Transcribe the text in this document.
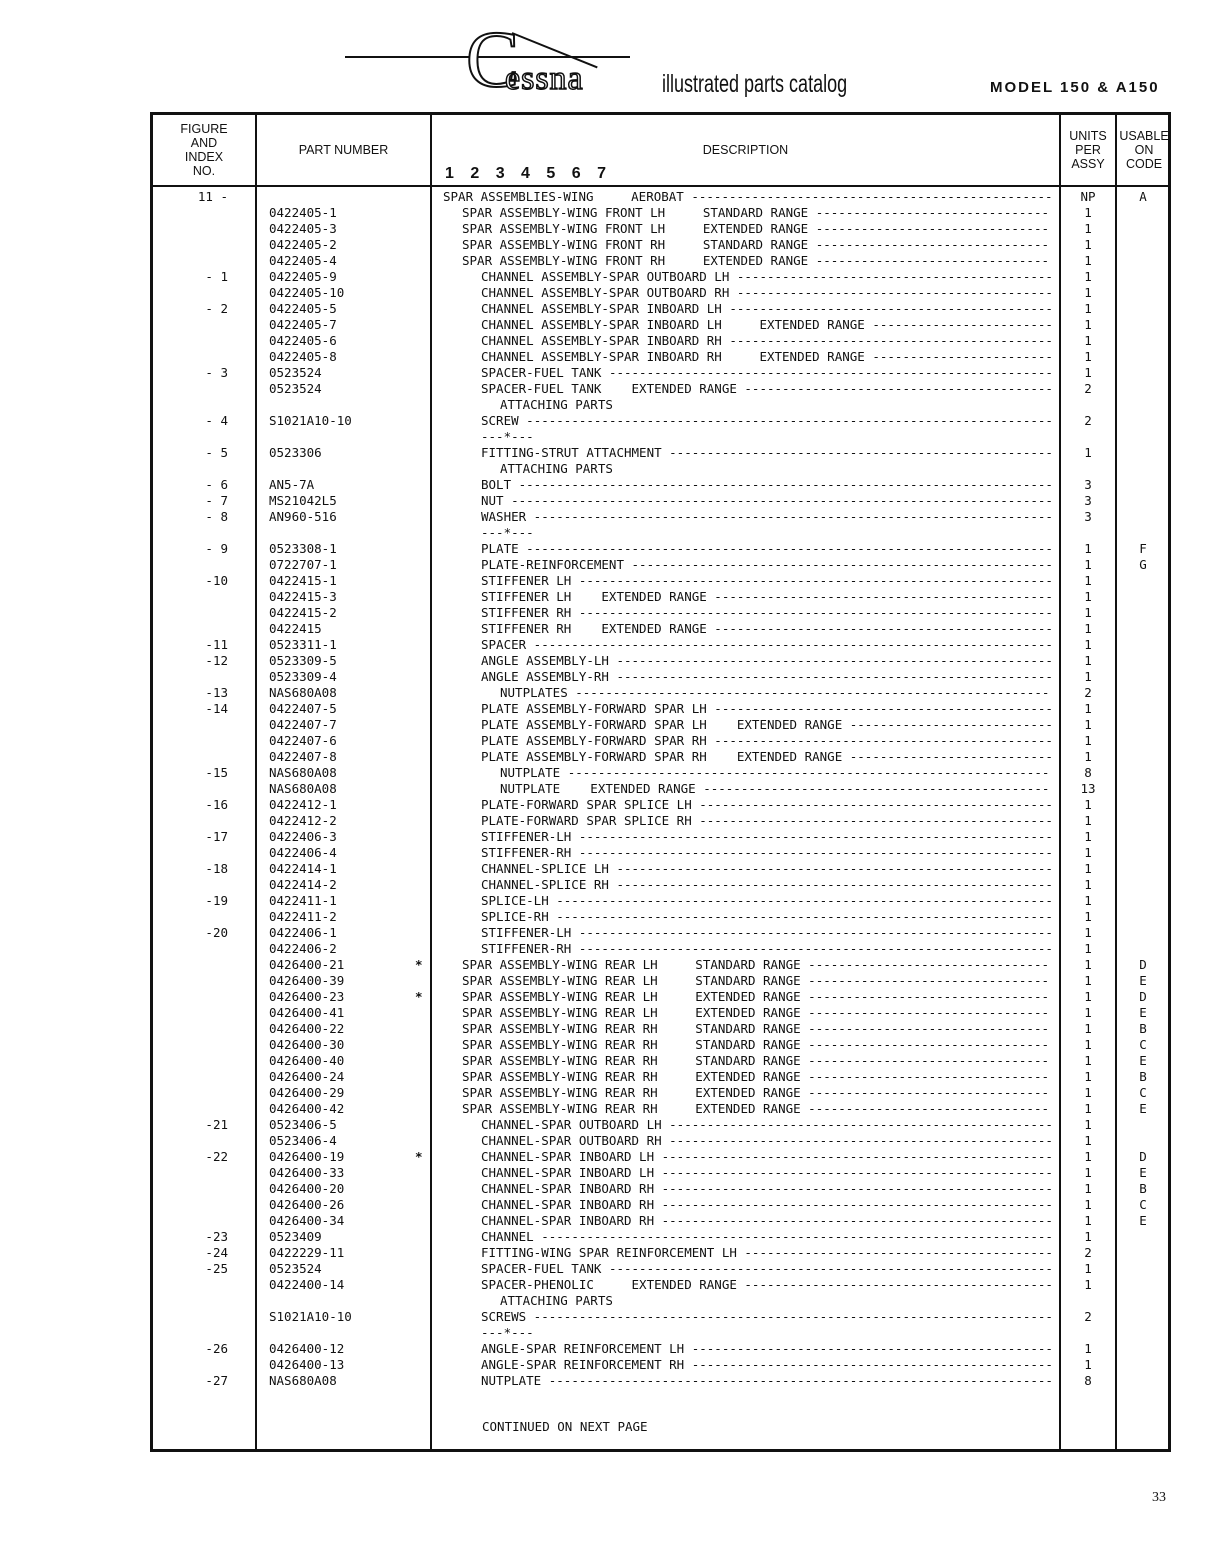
C
essna	illustrated parts catalog	MODEL 150 & A150
FIGURE
AND
INDEX
NO.
PART NUMBER	DESCRIPTION
1 2 3 4 5 6 7
UNITS
PER
ASSY
USABLE
ON
CODE
11 -	SPAR ASSEMBLIES-WING     AEROBAT ------------------------------------------------	NP	A
0422405-1	SPAR ASSEMBLY-WING FRONT LH     STANDARD RANGE -------------------------------	1
0422405-3	SPAR ASSEMBLY-WING FRONT LH     EXTENDED RANGE -------------------------------	1
0422405-2	SPAR ASSEMBLY-WING FRONT RH     STANDARD RANGE -------------------------------	1
0422405-4	SPAR ASSEMBLY-WING FRONT RH     EXTENDED RANGE -------------------------------	1
- 1	0422405-9	CHANNEL ASSEMBLY-SPAR OUTBOARD LH ------------------------------------------	1
0422405-10	CHANNEL ASSEMBLY-SPAR OUTBOARD RH ------------------------------------------	1
- 2	0422405-5	CHANNEL ASSEMBLY-SPAR INBOARD LH -------------------------------------------	1
0422405-7	CHANNEL ASSEMBLY-SPAR INBOARD LH     EXTENDED RANGE ------------------------	1
0422405-6	CHANNEL ASSEMBLY-SPAR INBOARD RH -------------------------------------------	1
0422405-8	CHANNEL ASSEMBLY-SPAR INBOARD RH     EXTENDED RANGE ------------------------	1
- 3	0523524	SPACER-FUEL TANK -----------------------------------------------------------	1
0523524	SPACER-FUEL TANK    EXTENDED RANGE -----------------------------------------	2
ATTACHING PARTS
- 4	S1021A10-10	SCREW ----------------------------------------------------------------------	2
---*---
- 5	0523306	FITTING-STRUT ATTACHMENT ---------------------------------------------------	1
ATTACHING PARTS
- 6	AN5-7A	BOLT -----------------------------------------------------------------------	3
- 7	MS21042L5	NUT ------------------------------------------------------------------------	3
- 8	AN960-516	WASHER ---------------------------------------------------------------------	3
---*---
- 9	0523308-1	PLATE ----------------------------------------------------------------------	1	F
0722707-1	PLATE-REINFORCEMENT --------------------------------------------------------	1	G
-10	0422415-1	STIFFENER LH ---------------------------------------------------------------	1
0422415-3	STIFFENER LH    EXTENDED RANGE ---------------------------------------------	1
0422415-2	STIFFENER RH ---------------------------------------------------------------	1
0422415	STIFFENER RH    EXTENDED RANGE ---------------------------------------------	1
-11	0523311-1	SPACER ---------------------------------------------------------------------	1
-12	0523309-5	ANGLE ASSEMBLY-LH ----------------------------------------------------------	1
0523309-4	ANGLE ASSEMBLY-RH ----------------------------------------------------------	1
-13	NAS680A08	NUTPLATES ---------------------------------------------------------------	2
-14	0422407-5	PLATE ASSEMBLY-FORWARD SPAR LH ---------------------------------------------	1
0422407-7	PLATE ASSEMBLY-FORWARD SPAR LH    EXTENDED RANGE ---------------------------	1
0422407-6	PLATE ASSEMBLY-FORWARD SPAR RH ---------------------------------------------	1
0422407-8	PLATE ASSEMBLY-FORWARD SPAR RH    EXTENDED RANGE ---------------------------	1
-15	NAS680A08	NUTPLATE ----------------------------------------------------------------	8
NAS680A08	NUTPLATE    EXTENDED RANGE ----------------------------------------------	13
-16	0422412-1	PLATE-FORWARD SPAR SPLICE LH -----------------------------------------------	1
0422412-2	PLATE-FORWARD SPAR SPLICE RH -----------------------------------------------	1
-17	0422406-3	STIFFENER-LH ---------------------------------------------------------------	1
0422406-4	STIFFENER-RH ---------------------------------------------------------------	1
-18	0422414-1	CHANNEL-SPLICE LH ----------------------------------------------------------	1
0422414-2	CHANNEL-SPLICE RH ----------------------------------------------------------	1
-19	0422411-1	SPLICE-LH ------------------------------------------------------------------	1
0422411-2	SPLICE-RH ------------------------------------------------------------------	1
-20	0422406-1	STIFFENER-LH ---------------------------------------------------------------	1
0422406-2	STIFFENER-RH ---------------------------------------------------------------	1
0426400-21	*	SPAR ASSEMBLY-WING REAR LH     STANDARD RANGE --------------------------------	1	D
0426400-39	SPAR ASSEMBLY-WING REAR LH     STANDARD RANGE --------------------------------	1	E
0426400-23	*	SPAR ASSEMBLY-WING REAR LH     EXTENDED RANGE --------------------------------	1	D
0426400-41	SPAR ASSEMBLY-WING REAR LH     EXTENDED RANGE --------------------------------	1	E
0426400-22	SPAR ASSEMBLY-WING REAR RH     STANDARD RANGE --------------------------------	1	B
0426400-30	SPAR ASSEMBLY-WING REAR RH     STANDARD RANGE --------------------------------	1	C
0426400-40	SPAR ASSEMBLY-WING REAR RH     STANDARD RANGE --------------------------------	1	E
0426400-24	SPAR ASSEMBLY-WING REAR RH     EXTENDED RANGE --------------------------------	1	B
0426400-29	SPAR ASSEMBLY-WING REAR RH     EXTENDED RANGE --------------------------------	1	C
0426400-42	SPAR ASSEMBLY-WING REAR RH     EXTENDED RANGE --------------------------------	1	E
-21	0523406-5	CHANNEL-SPAR OUTBOARD LH ---------------------------------------------------	1
0523406-4	CHANNEL-SPAR OUTBOARD RH ---------------------------------------------------	1
-22	0426400-19	*	CHANNEL-SPAR INBOARD LH ----------------------------------------------------	1	D
0426400-33	CHANNEL-SPAR INBOARD LH ----------------------------------------------------	1	E
0426400-20	CHANNEL-SPAR INBOARD RH ----------------------------------------------------	1	B
0426400-26	CHANNEL-SPAR INBOARD RH ----------------------------------------------------	1	C
0426400-34	CHANNEL-SPAR INBOARD RH ----------------------------------------------------	1	E
-23	0523409	CHANNEL --------------------------------------------------------------------	1
-24	0422229-11	FITTING-WING SPAR REINFORCEMENT LH -----------------------------------------	2
-25	0523524	SPACER-FUEL TANK -----------------------------------------------------------	1
0422400-14	SPACER-PHENOLIC     EXTENDED RANGE -----------------------------------------	1
ATTACHING PARTS
S1021A10-10	SCREWS ---------------------------------------------------------------------	2
---*---
-26	0426400-12	ANGLE-SPAR REINFORCEMENT LH ------------------------------------------------	1
0426400-13	ANGLE-SPAR REINFORCEMENT RH ------------------------------------------------	1
-27	NAS680A08	NUTPLATE -------------------------------------------------------------------	8
CONTINUED ON NEXT PAGE
33
